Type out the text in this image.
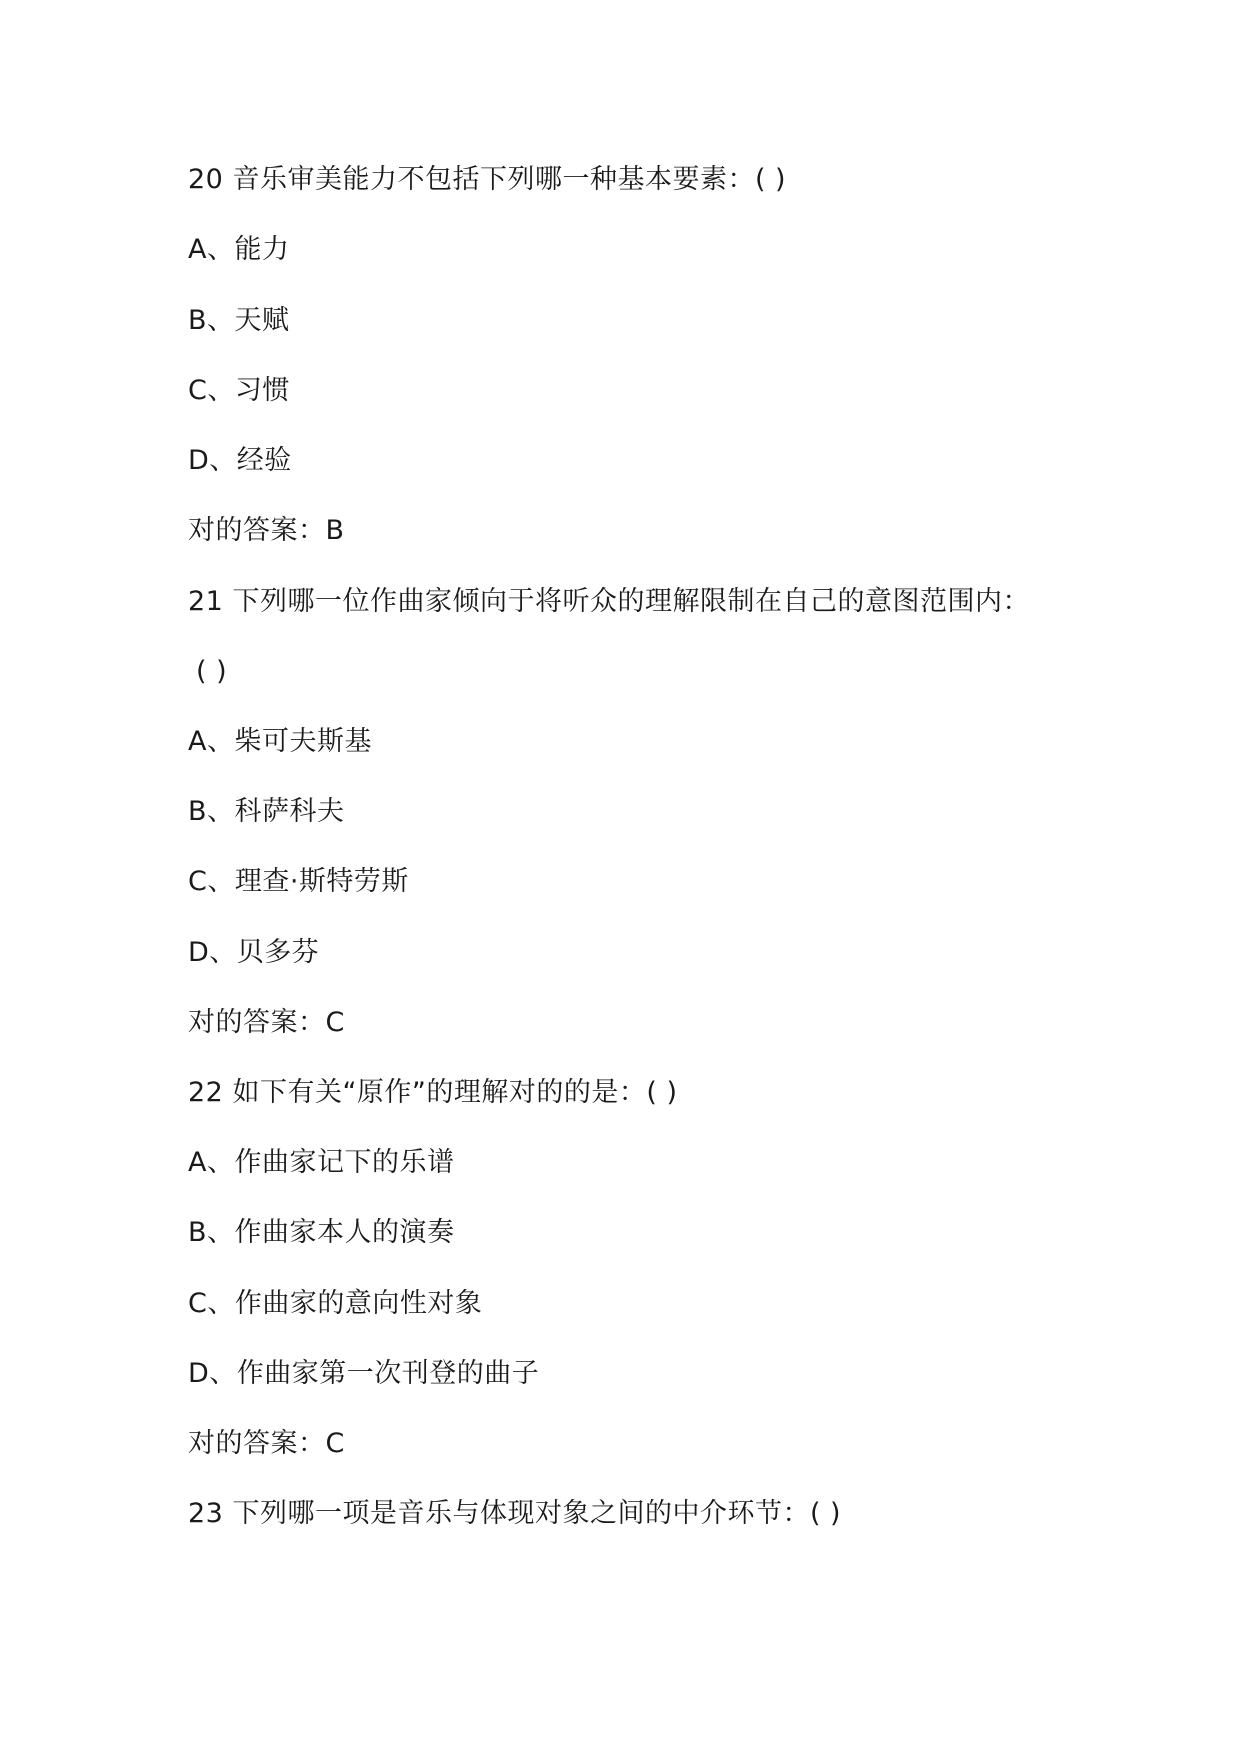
20 音乐审美能力不包括下列哪一种基本要素：( )
A、能力
B、天赋
C、习惯
D、经验
对的答案：B
21 下列哪一位作曲家倾向于将听众的理解限制在自己的意图范围内：
( )
A、柴可夫斯基
B、科萨科夫
C、理查·斯特劳斯
D、贝多芬
对的答案：C
22 如下有关“原作”的理解对的的是：( )
A、作曲家记下的乐谱
B、作曲家本人的演奏
C、作曲家的意向性对象
D、作曲家第一次刊登的曲子
对的答案：C
23 下列哪一项是音乐与体现对象之间的中介环节：( )
